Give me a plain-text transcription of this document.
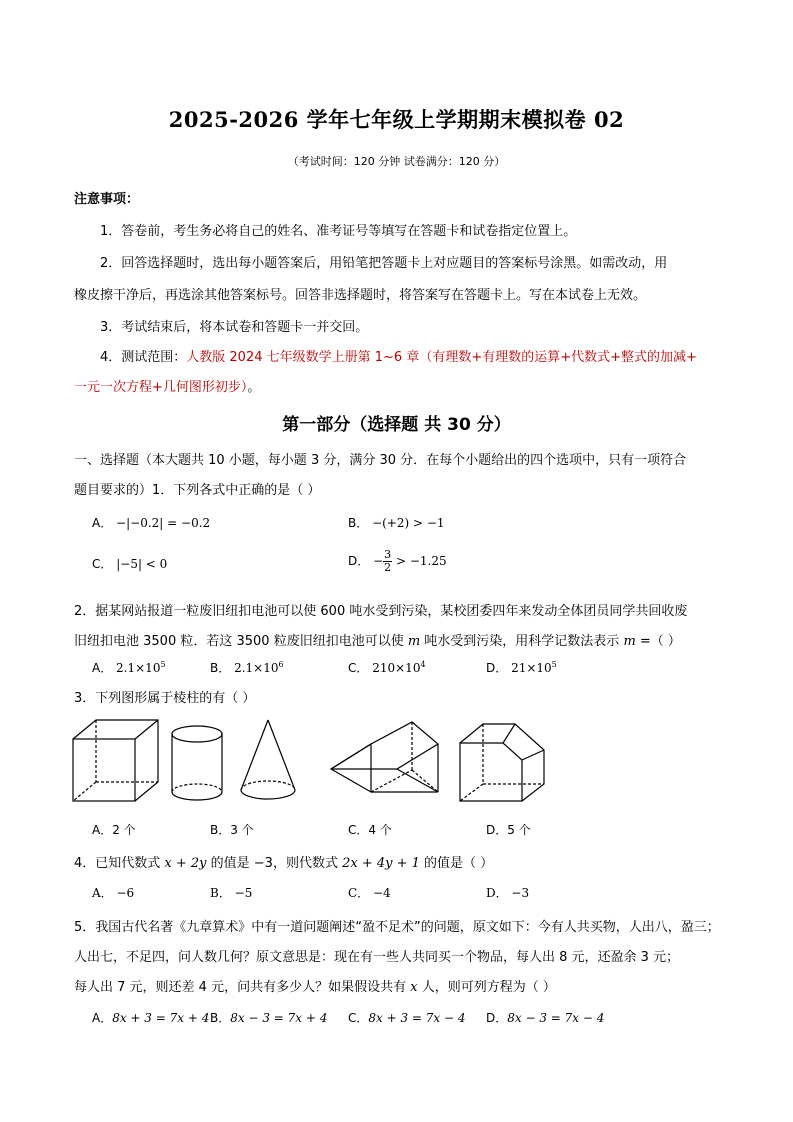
2025-2026 学年七年级上学期期末模拟卷 02
（考试时间：120 分钟 试卷满分：120 分）
注意事项：
1．答卷前，考生务必将自己的姓名、准考证号等填写在答题卡和试卷指定位置上。
2．回答选择题时，选出每小题答案后，用铅笔把答题卡上对应题目的答案标号涂黑。如需改动，用
橡皮擦干净后，再选涂其他答案标号。回答非选择题时，将答案写在答题卡上。写在本试卷上无效。
3．考试结束后，将本试卷和答题卡一并交回。
4．测试范围：人教版 2024 七年级数学上册第 1~6 章（有理数+有理数的运算+代数式+整式的加减+
一元一次方程+几何图形初步）。
第一部分（选择题 共 30 分）
一、选择题（本大题共 10 小题，每小题 3 分，满分 30 分．在每个小题给出的四个选项中，只有一项符合
题目要求的）1．下列各式中正确的是（ ）
A． −|−0.2| = −0.2	B． −(+2) > −1
C． |−5| < 0	D． − $\frac{3}{2} > -1.25$
2．据某网站报道一粒废旧纽扣电池可以使 600 吨水受到污染，某校团委四年来发动全体团员同学共回收废
旧纽扣电池 3500 粒．若这 3500 粒废旧纽扣电池可以使 m 吨水受到污染，用科学记数法表示 m =（ ）
A． $2.1\times 10^5$	B． $2.1\times 10^6$	C． $210\times 10^4$	D． $21\times 10^5$
3．下列图形属于棱柱的有（ ）
A．2 个	B．3 个	C．4 个	D．5 个
4．已知代数式 x + 2y 的值是 −3，则代数式 2x + 4y + 1 的值是（ ）
A． −6	B． −5	C． −4	D． −3
5．我国古代名著《九章算术》中有一道问题阐述“盈不足术”的问题，原文如下：今有人共买物，人出八，盈三；
人出七，不足四，问人数几何？原文意思是：现在有一些人共同买一个物品，每人出 8 元，还盈余 3 元；
每人出 7 元，则还差 4 元，问共有多少人？如果假设共有 x 人，则可列方程为（ ）
A．8x + 3 = 7x + 4 B．8x − 3 = 7x + 4 C．8x + 3 = 7x − 4 D．8x − 3 = 7x − 4
